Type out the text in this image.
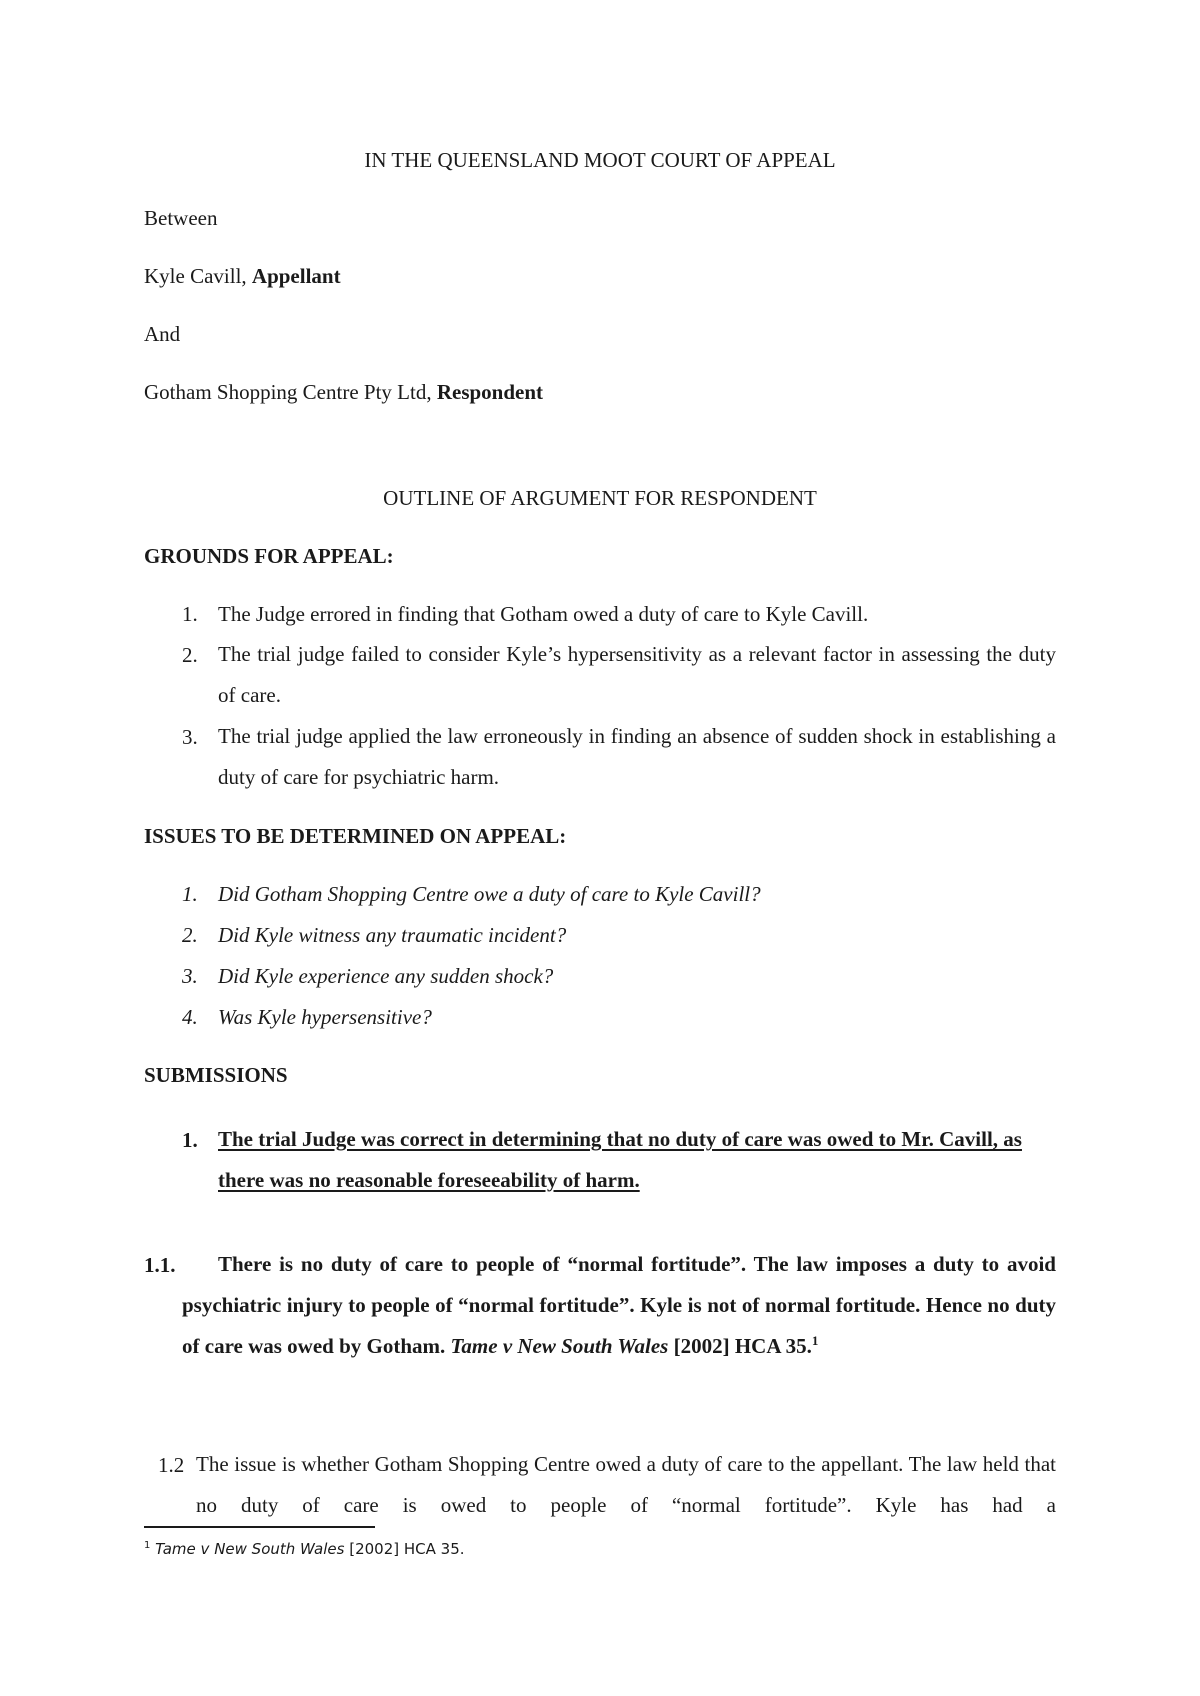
IN THE QUEENSLAND MOOT COURT OF APPEAL
Between
Kyle Cavill, Appellant
And
Gotham Shopping Centre Pty Ltd, Respondent
OUTLINE OF ARGUMENT FOR RESPONDENT
GROUNDS FOR APPEAL:
1. The Judge errored in finding that Gotham owed a duty of care to Kyle Cavill.
2. The trial judge failed to consider Kyle’s hypersensitivity as a relevant factor in assessing the duty of care.
3. The trial judge applied the law erroneously in finding an absence of sudden shock in establishing a duty of care for psychiatric harm.
ISSUES TO BE DETERMINED ON APPEAL:
1. Did Gotham Shopping Centre owe a duty of care to Kyle Cavill?
2. Did Kyle witness any traumatic incident?
3. Did Kyle experience any sudden shock?
4. Was Kyle hypersensitive?
SUBMISSIONS
1. The trial Judge was correct in determining that no duty of care was owed to Mr. Cavill, as there was no reasonable foreseeability of harm.
1.1.	There is no duty of care to people of “normal fortitude”. The law imposes a duty to avoid psychiatric injury to people of “normal fortitude”. Kyle is not of normal fortitude. Hence no duty of care was owed by Gotham. Tame v New South Wales [2002] HCA 35.$^1$
1.2 The issue is whether Gotham Shopping Centre owed a duty of care to the appellant. The law held that no duty of care is owed to people of “normal fortitude”. Kyle has had a
$^1$ Tame v New South Wales [2002] HCA 35.
